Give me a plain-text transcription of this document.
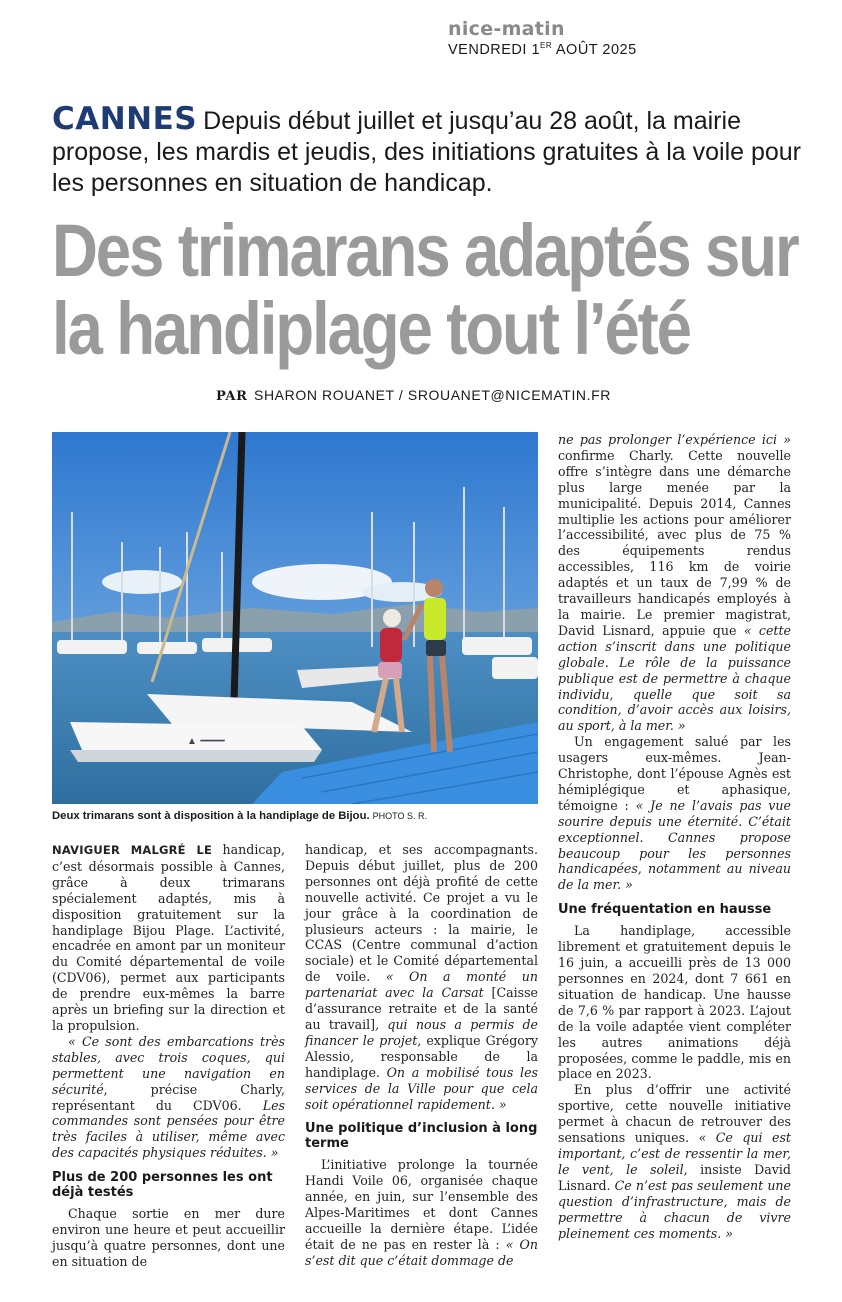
nice-matin
VENDREDI 1ER AOÛT 2025
CANNES Depuis début juillet et jusqu’au 28 août, la mairie propose, les mardis et jeudis, des initiations gratuites à la voile pour les personnes en situation de handicap.
Des trimarans adaptés sur
la handiplage tout l’été
PAR SHARON ROUANET / SROUANET@NICEMATIN.FR
▲ ━━━━
Deux trimarans sont à disposition à la handiplage de Bijou. PHOTO S. R.

NAVIGUER MALGRÉ LE handicap, c’est désormais possible à Cannes, grâce à deux trimarans spécialement adaptés, mis à disposition gratuitement sur la handiplage Bijou Plage. L’activité, encadrée en amont par un moniteur du Comité départemental de voile (CDV06), permet aux participants de prendre eux-mêmes la barre après un briefing sur la direction et la propulsion.

« Ce sont des embarcations très stables, avec trois coques, qui permettent une navigation en sécurité, précise Charly, représentant du CDV06. Les commandes sont pensées pour être très faciles à utiliser, même avec des capacités physiques réduites. »

Plus de 200 personnes les ont déjà testés

Chaque sortie en mer dure environ une heure et peut accueillir jusqu’à quatre personnes, dont une en situation de

handicap, et ses accompagnants. Depuis début juillet, plus de 200 personnes ont déjà profité de cette nouvelle activité. Ce projet a vu le jour grâce à la coordination de plusieurs acteurs : la mairie, le CCAS (Centre communal d’action sociale) et le Comité départemental de voile. « On a monté un partenariat avec la Carsat [Caisse d’assurance retraite et de la santé au travail], qui nous a permis de financer le projet, explique Grégory Alessio, responsable de la handiplage. On a mobilisé tous les services de la Ville pour que cela soit opérationnel rapidement. »

Une politique d’inclusion à long terme

L’initiative prolonge la tournée Handi Voile 06, organisée chaque année, en juin, sur l’ensemble des Alpes-Maritimes et dont Cannes accueille la dernière étape. L’idée était de ne pas en rester là : « On s’est dit que c’était dommage de

ne pas prolonger l’expérience ici » confirme Charly. Cette nouvelle offre s’intègre dans une démarche plus large menée par la municipalité. Depuis 2014, Cannes multiplie les actions pour améliorer l’accessibilité, avec plus de 75 % des équipements rendus accessibles, 116 km de voirie adaptés et un taux de 7,99 % de travailleurs handicapés employés à la mairie. Le premier magistrat, David Lisnard, appuie que « cette action s’inscrit dans une politique globale. Le rôle de la puissance publique est de permettre à chaque individu, quelle que soit sa condition, d’avoir accès aux loisirs, au sport, à la mer. »

Un engagement salué par les usagers eux-mêmes. Jean-Christophe, dont l’épouse Agnès est hémiplégique et aphasique, témoigne : « Je ne l’avais pas vue sourire depuis une éternité. C’était exceptionnel. Cannes propose beaucoup pour les personnes handicapées, notamment au niveau de la mer. »

Une fréquentation en hausse

La handiplage, accessible librement et gratuitement depuis le 16 juin, a accueilli près de 13 000 personnes en 2024, dont 7 661 en situation de handicap. Une hausse de 7,6 % par rapport à 2023. L’ajout de la voile adaptée vient compléter les autres animations déjà proposées, comme le paddle, mis en place en 2023.

En plus d’offrir une activité sportive, cette nouvelle initiative permet à chacun de retrouver des sensations uniques. « Ce qui est important, c’est de ressentir la mer, le vent, le soleil, insiste David Lisnard. Ce n’est pas seulement une question d’infrastructure, mais de permettre à chacun de vivre pleinement ces moments. »
